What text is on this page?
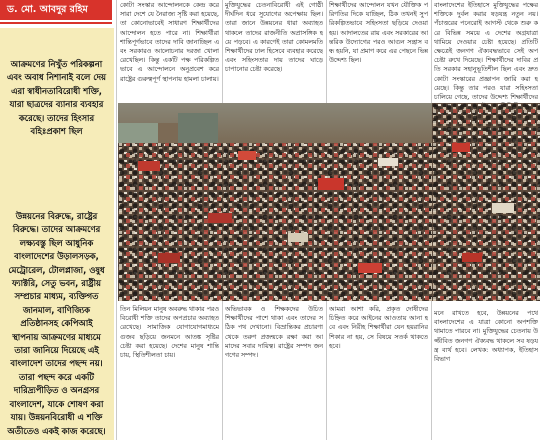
ড. মো. আবদুর রহিম
আক্রমণের নিখুঁত পরিকল্পনা এবং অবাধ নিশানাই বলে দেয় এরা স্বাধীনতাবিরোধী শক্তি, যারা ছাত্রদের ব্যানার ব্যবহার করেছে। তাদের হিংসার বহিঃপ্রকাশ ছিল
উন্নয়নের বিরুদ্ধে, রাষ্ট্রের বিরুদ্ধে। তাদের আক্রমণের লক্ষ্যবস্তু ছিল আধুনিক বাংলাদেশের উড়ালসড়ক, মেট্রোরেল, টোলপ্লাজা, ওষুধ ফ্যাক্টরি, সেতু ভবন, রাষ্ট্রীয় সম্প্রচার মাধ্যম, ব্যক্তিগত জানমাল, বাণিজ্যিক প্রতিষ্ঠানসহ কেপিআই স্থাপনায় আক্রমণের মাধ্যমে তারা জানিয়ে দিয়েছে এই বাংলাদেশ তাদের পছন্দ নয়। তারা পছন্দ করে একটি দারিদ্র্যপীড়িত ও অনগ্রসর বাংলাদেশ, যাকে শোষণ করা যায়। উন্নয়নবিরোধী এ শক্তি অতীতেও একই কাজ করেছে।
কোটা সংস্কার আন্দোলনকে কেন্দ্র করে সারা দেশে যে নৈরাজ্য সৃষ্টি করা হয়েছে, তা কোনোভাবেই সাধারণ শিক্ষার্থীদের আন্দোলন হতে পারে না। শিক্ষার্থীরা শান্তিপূর্ণভাবে তাদের দাবি জানাচ্ছিল এবং সরকারও আলোচনার দরজা খোলা রেখেছিল। কিন্তু একটি পক্ষ পরিকল্পিতভাবে এ আন্দোলনে অনুপ্রবেশ করে রাষ্ট্রের গুরুত্বপূর্ণ স্থাপনায় হামলা চালায়।
মুক্তিযুদ্ধের চেতনাবিরোধী এই গোষ্ঠী দীর্ঘদিন ধরে সুযোগের অপেক্ষায় ছিল। তারা জানে উন্নয়নের ধারা অব্যাহত থাকলে তাদের রাজনীতি অপ্রাসঙ্গিক হয়ে পড়বে। এ কারণেই তারা কোমলমতি শিক্ষার্থীদের ঢাল হিসেবে ব্যবহার করেছে এবং সহিংসতার দায় তাদের ঘাড়ে চাপানোর চেষ্টা করেছে।
শিক্ষার্থীদের আন্দোলন যখন যৌক্তিক পরিণতির দিকে যাচ্ছিল, ঠিক তখনই সুপরিকল্পিতভাবে সহিংসতা ছড়িয়ে দেওয়া হয়। আদালতের রায় এবং সরকারের আন্তরিক উদ্যোগের পরও আগুন সন্ত্রাস বন্ধ হয়নি, যা প্রমাণ করে এর পেছনে ভিন্ন উদ্দেশ্য ছিল।
বাংলাদেশের ইতিহাসে মুক্তিযুদ্ধের পক্ষের শক্তিকে দুর্বল করার ষড়যন্ত্র নতুন নয়। পঁচাত্তরের পনেরোই আগস্ট থেকে শুরু করে বিভিন্ন সময়ে এ দেশের অগ্রযাত্রা থামিয়ে দেওয়ার চেষ্টা হয়েছে। প্রতিটি ক্ষেত্রেই জনগণ ঐক্যবদ্ধভাবে সেই অপচেষ্টা রুখে দিয়েছে। শিক্ষার্থীদের দাবির প্রতি সরকার সহানুভূতিশীল ছিল এবং দ্রুত কোটা সংস্কারের প্রজ্ঞাপন জারি করা হয়েছে। কিন্তু তার পরও যারা সহিংসতা চালিয়ে গেছে, তাদের উদ্দেশ্য শিক্ষার্থীদের
তিন মিলিয়ন মানুষ অবরুদ্ধ থাকার পরও বিরোধী শক্তি তাদের অপপ্রচার অব্যাহত রেখেছে। সামাজিক যোগাযোগমাধ্যমে গুজব ছড়িয়ে জনমনে আতঙ্ক সৃষ্টির চেষ্টা করা হয়েছে। দেশের মানুষ শান্তি চায়, স্থিতিশীলতা চায়।
অভিভাবক ও শিক্ষকদের উচিত শিক্ষার্থীদের পাশে থাকা এবং তাদের সঠিক পথ দেখানো। বিভ্রান্তিকর প্রচারণা থেকে তরুণ প্রজন্মকে রক্ষা করা আমাদের সবার দায়িত্ব। রাষ্ট্রের সম্পদ জনগণের সম্পদ।
আমরা আশা করি, প্রকৃত দোষীদের চিহ্নিত করে আইনের আওতায় আনা হবে এবং নিরীহ শিক্ষার্থীরা যেন হয়রানির শিকার না হয়, সে বিষয়ে সতর্ক থাকতে হবে।
মনে রাখতে হবে, উন্নয়নের পথে বাংলাদেশের এ যাত্রা কোনো অপশক্তি থামাতে পারবে না। মুক্তিযুদ্ধের চেতনায় উজ্জীবিত জনগণ ঐক্যবদ্ধ থাকলে সব ষড়যন্ত্র ব্যর্থ হবে। লেখক: অধ্যাপক, ইতিহাস বিভাগ
